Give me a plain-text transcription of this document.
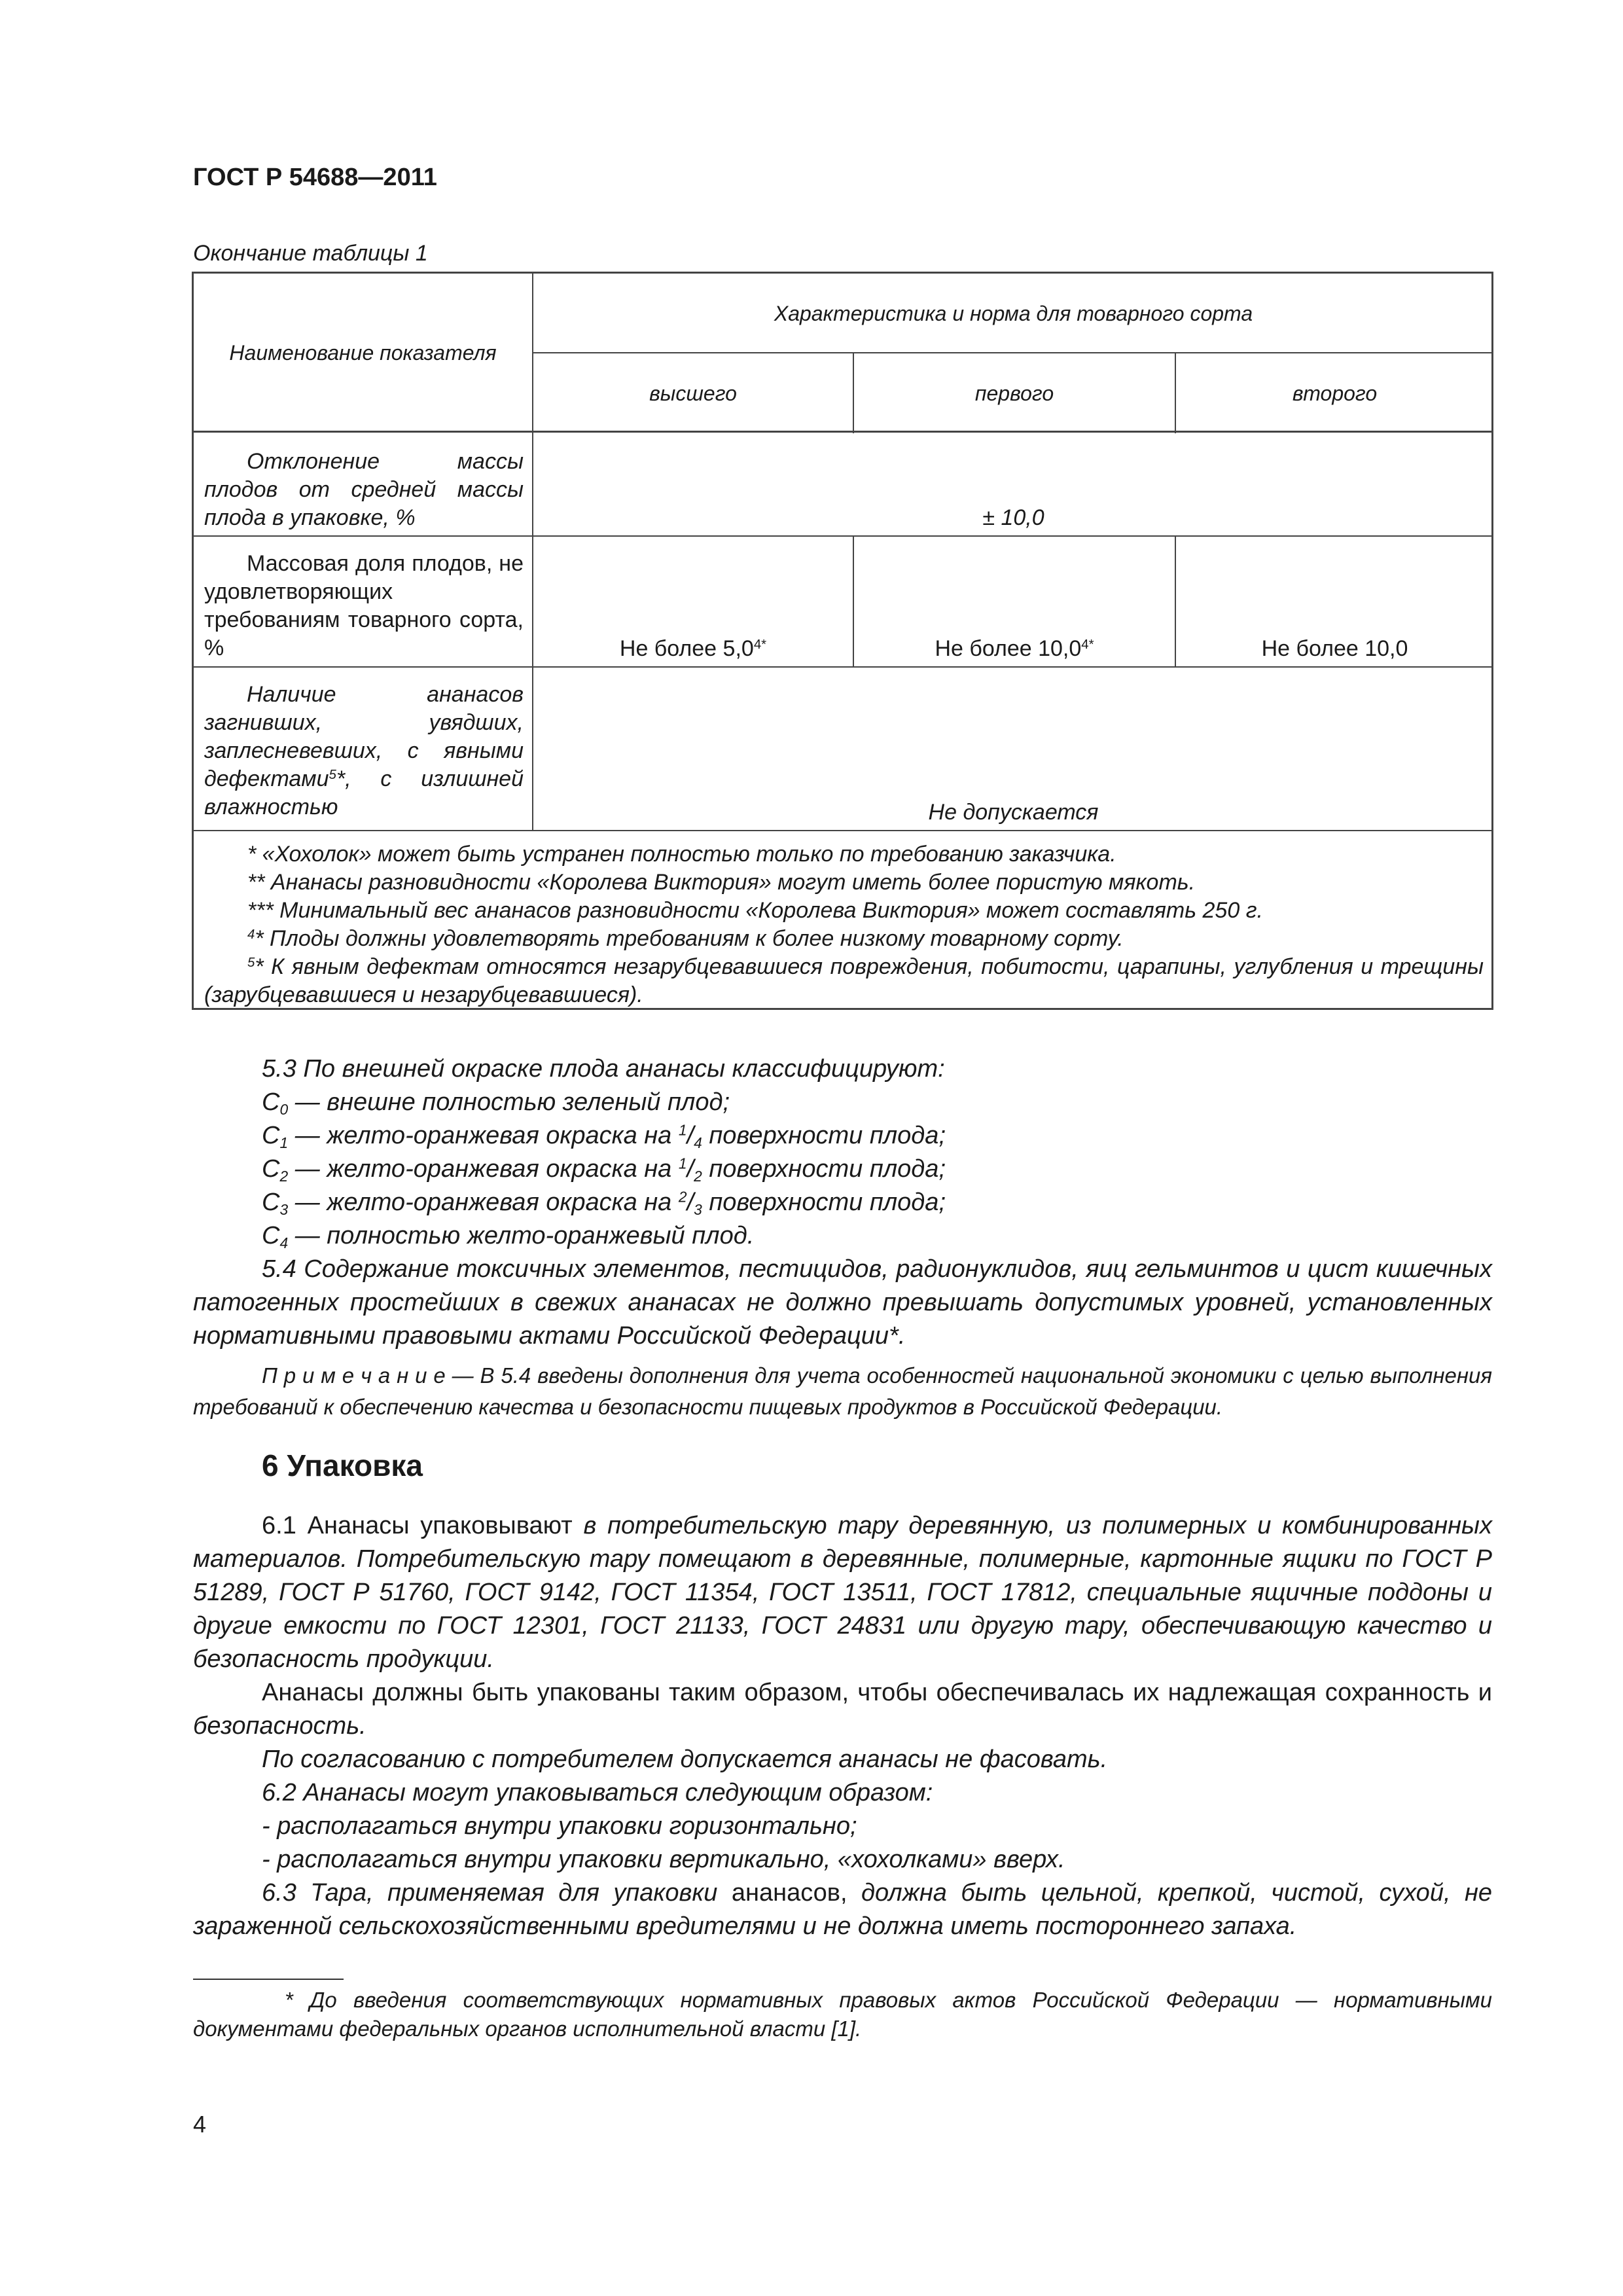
ГОСТ Р 54688—2011
Окончание таблицы 1
Наименование показателя
Характеристика и норма для товарного сорта
высшего	первого	второго
Отклонение массы плодов от средней массы плода в упаковке, %	± 10,0
Массовая доля плодов, не удовлетворяющих требованиям товарного сорта, %	Не более $5,0^{4*}$	Не более $10,0^{4*}$	Не более 10,0
Наличие ананасов загнивших, увядших, заплесневевших, с явными дефектами$^5$*, с излишней влажностью	Не допускается
* «Хохолок» может быть устранен полностью только по требованию заказчика.
** Ананасы разновидности «Королева Виктория» могут иметь более пористую мякоть.
*** Минимальный вес ананасов разновидности «Королева Виктория» может составлять 250 г.
$^4$* Плоды должны удовлетворять требованиям к более низкому товарному сорту.
$^5$* К явным дефектам относятся незарубцевавшиеся повреждения, побитости, царапины, углубления и трещины (зарубцевавшиеся и незарубцевавшиеся).
5.3 По внешней окраске плода ананасы классифицируют:
$С_0$ — внешне полностью зеленый плод;
$С_1$ — желто-оранжевая окраска на $^1/_4$ поверхности плода;
$С_2$ — желто-оранжевая окраска на $^1/_2$ поверхности плода;
$С_3$ — желто-оранжевая окраска на $^2/_3$ поверхности плода;
$С_4$ — полностью желто-оранжевый плод.
5.4 Содержание токсичных элементов, пестицидов, радионуклидов, яиц гельминтов и цист кишечных патогенных простейших в свежих ананасах не должно превышать допустимых уровней, установленных нормативными правовыми актами Российской Федерации*.
П р и м е ч а н и е — В 5.4 введены дополнения для учета особенностей национальной экономики с целью выполнения требований к обеспечению качества и безопасности пищевых продуктов в Российской Федерации.
6 Упаковка
6.1 Ананасы упаковывают в потребительскую тару деревянную, из полимерных и комбинированных материалов. Потребительскую тару помещают в деревянные, полимерные, картонные ящики по ГОСТ Р 51289, ГОСТ Р 51760, ГОСТ 9142, ГОСТ 11354, ГОСТ 13511, ГОСТ 17812, специальные ящичные поддоны и другие емкости по ГОСТ 12301, ГОСТ 21133, ГОСТ 24831 или другую тару, обеспечивающую качество и безопасность продукции.
Ананасы должны быть упакованы таким образом, чтобы обеспечивалась их надлежащая сохранность и безопасность.
По согласованию с потребителем допускается ананасы не фасовать.
6.2 Ананасы могут упаковываться следующим образом:
- располагаться внутри упаковки горизонтально;
- располагаться внутри упаковки вертикально, «хохолками» вверх.
6.3 Тара, применяемая для упаковки ананасов, должна быть цельной, крепкой, чистой, сухой, не зараженной сельскохозяйственными вредителями и не должна иметь постороннего запаха.
* До введения соответствующих нормативных правовых актов Российской Федерации — нормативными документами федеральных органов исполнительной власти [1].
4
